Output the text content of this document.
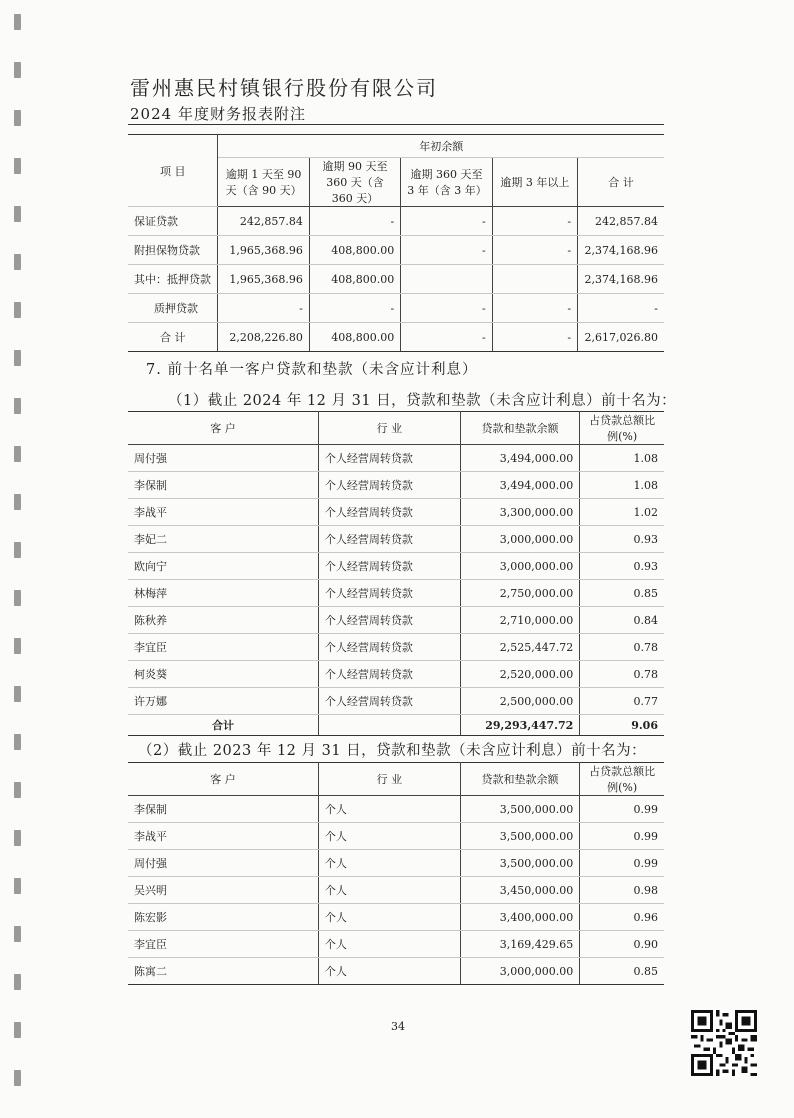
雷州惠民村镇银行股份有限公司
2024 年度财务报表附注
项 目	年初余额				
	逾期 1 天至 90 天（含 90 天）	逾期 90 天至 360 天（含 360 天）	逾期 360 天至 3 年（含 3 年）	逾期 3 年以上	合 计
保证贷款	242,857.84	-	-	-	242,857.84
附担保物贷款	1,965,368.96	408,800.00	-	-	2,374,168.96
其中：抵押贷款	1,965,368.96	408,800.00			2,374,168.96
质押贷款	-	-	-	-	-
合 计	2,208,226.80	408,800.00	-	-	2,617,026.80
7. 前十名单一客户贷款和垫款（未含应计利息）
（1）截止 2024 年 12 月 31 日，贷款和垫款（未含应计利息）前十名为：
客 户	行 业	贷款和垫款余额	占贷款总额比例(%)
周付强	个人经营周转贷款	3,494,000.00	1.08
李保制	个人经营周转贷款	3,494,000.00	1.08
李战平	个人经营周转贷款	3,300,000.00	1.02
李妃二	个人经营周转贷款	3,000,000.00	0.93
欧向宁	个人经营周转贷款	3,000,000.00	0.93
林梅萍	个人经营周转贷款	2,750,000.00	0.85
陈秋养	个人经营周转贷款	2,710,000.00	0.84
李宜臣	个人经营周转贷款	2,525,447.72	0.78
柯炎葵	个人经营周转贷款	2,520,000.00	0.78
许万娜	个人经营周转贷款	2,500,000.00	0.77
合计		29,293,447.72	9.06
（2）截止 2023 年 12 月 31 日，贷款和垫款（未含应计利息）前十名为：
客 户	行 业	贷款和垫款余额	占贷款总额比例(%)
李保制	个人	3,500,000.00	0.99
李战平	个人	3,500,000.00	0.99
周付强	个人	3,500,000.00	0.99
吴兴明	个人	3,450,000.00	0.98
陈宏影	个人	3,400,000.00	0.96
李宜臣	个人	3,169,429.65	0.90
陈寓二	个人	3,000,000.00	0.85
34
